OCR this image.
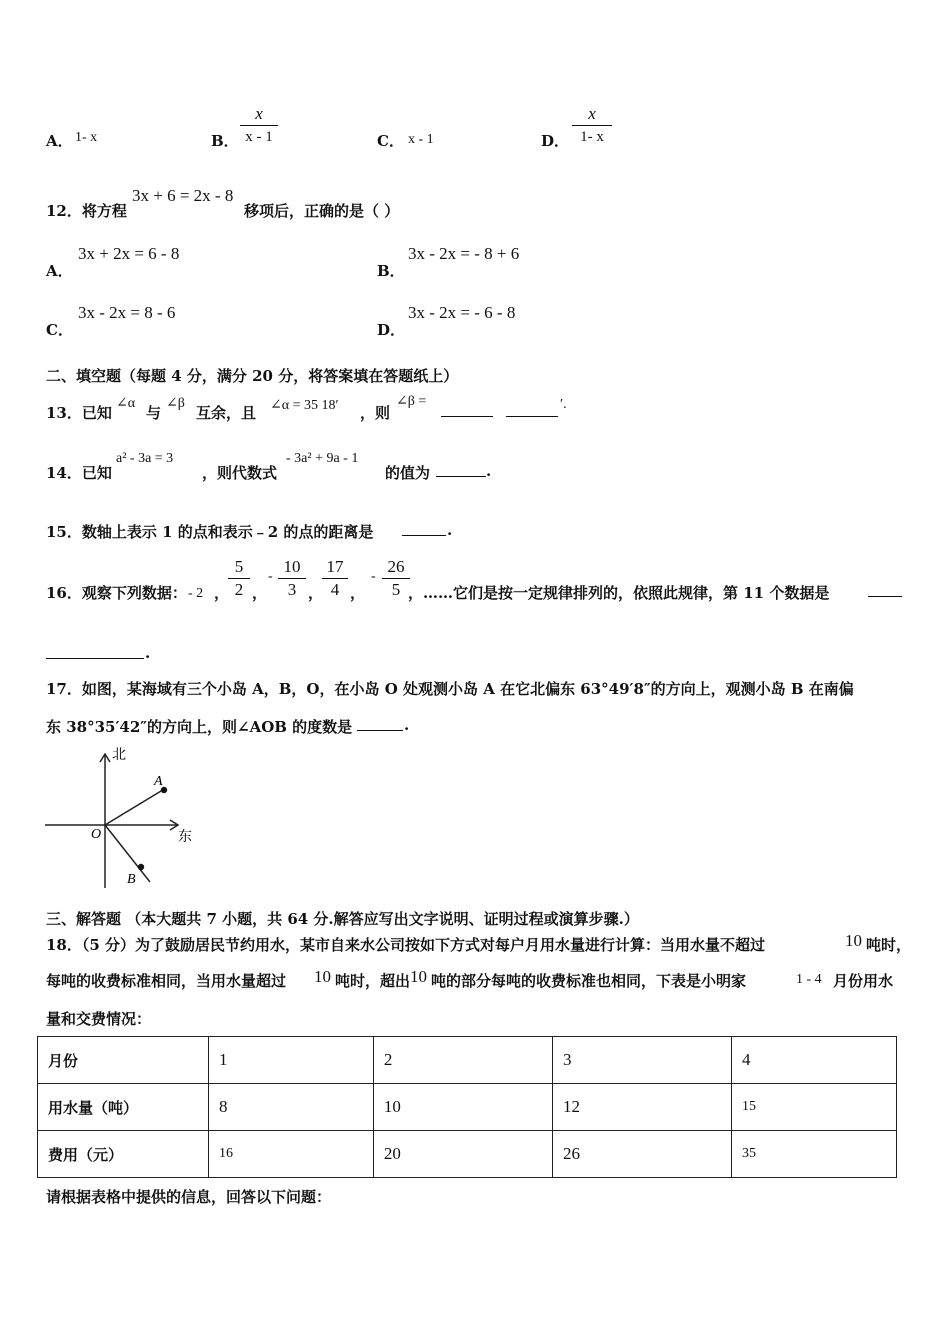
A． 1- x	B．
x
x - 1	C． x - 1	D．
x
1- x
12．将方程
3x + 6 = 2x - 8
移项后，正确的是（ ）
A．
3x + 2x = 6 - 8
B．
3x - 2x = - 8 + 6
C．
3x - 2x = 8 - 6
D．
3x - 2x = - 6 - 8
二、填空题（每题 4 分，满分 20 分，将答案填在答题纸上）
13．已知
∠α
与
∠β
互余，且 ∠α = 35 18′ ，则
∠β =	′.
14．已知
a² - 3a = 3
，则代数式
- 3a² + 9a - 1
的值为	.
15．数轴上表示 1 的点和表示﹣2 的点的距离是	.
16．观察下列数据： - 2 ，
5
2 ，
-
10
3 ，
17
4 ，
-
26
5 ，……它们是按一定规律排列的，依照此规律，第 11 个数据是
.
17．如图，某海域有三个小岛 A，B，O，在小岛 O 处观测小岛 A 在它北偏东 63°49′8″的方向上，观测小岛 B 在南偏
东 38°35′42″的方向上，则∠AOB 的度数是	.
北
东
O
A
B
三、解答题 （本大题共 7 小题，共 64 分.解答应写出文字说明、证明过程或演算步骤.）
18．（5 分）为了鼓励居民节约用水，某市自来水公司按如下方式对每户月用水量进行计算：当用水量不超过	10 吨时，
每吨的收费标准相同，当用水量超过 10 吨时，超出 10 吨的部分每吨的收费标准也相同，下表是小明家	1 - 4 月份用水
量和交费情况：
月份	1	2	3	4
用水量（吨）	8	10	12	15
费用（元）	16	20	26	35
请根据表格中提供的信息，回答以下问题：
